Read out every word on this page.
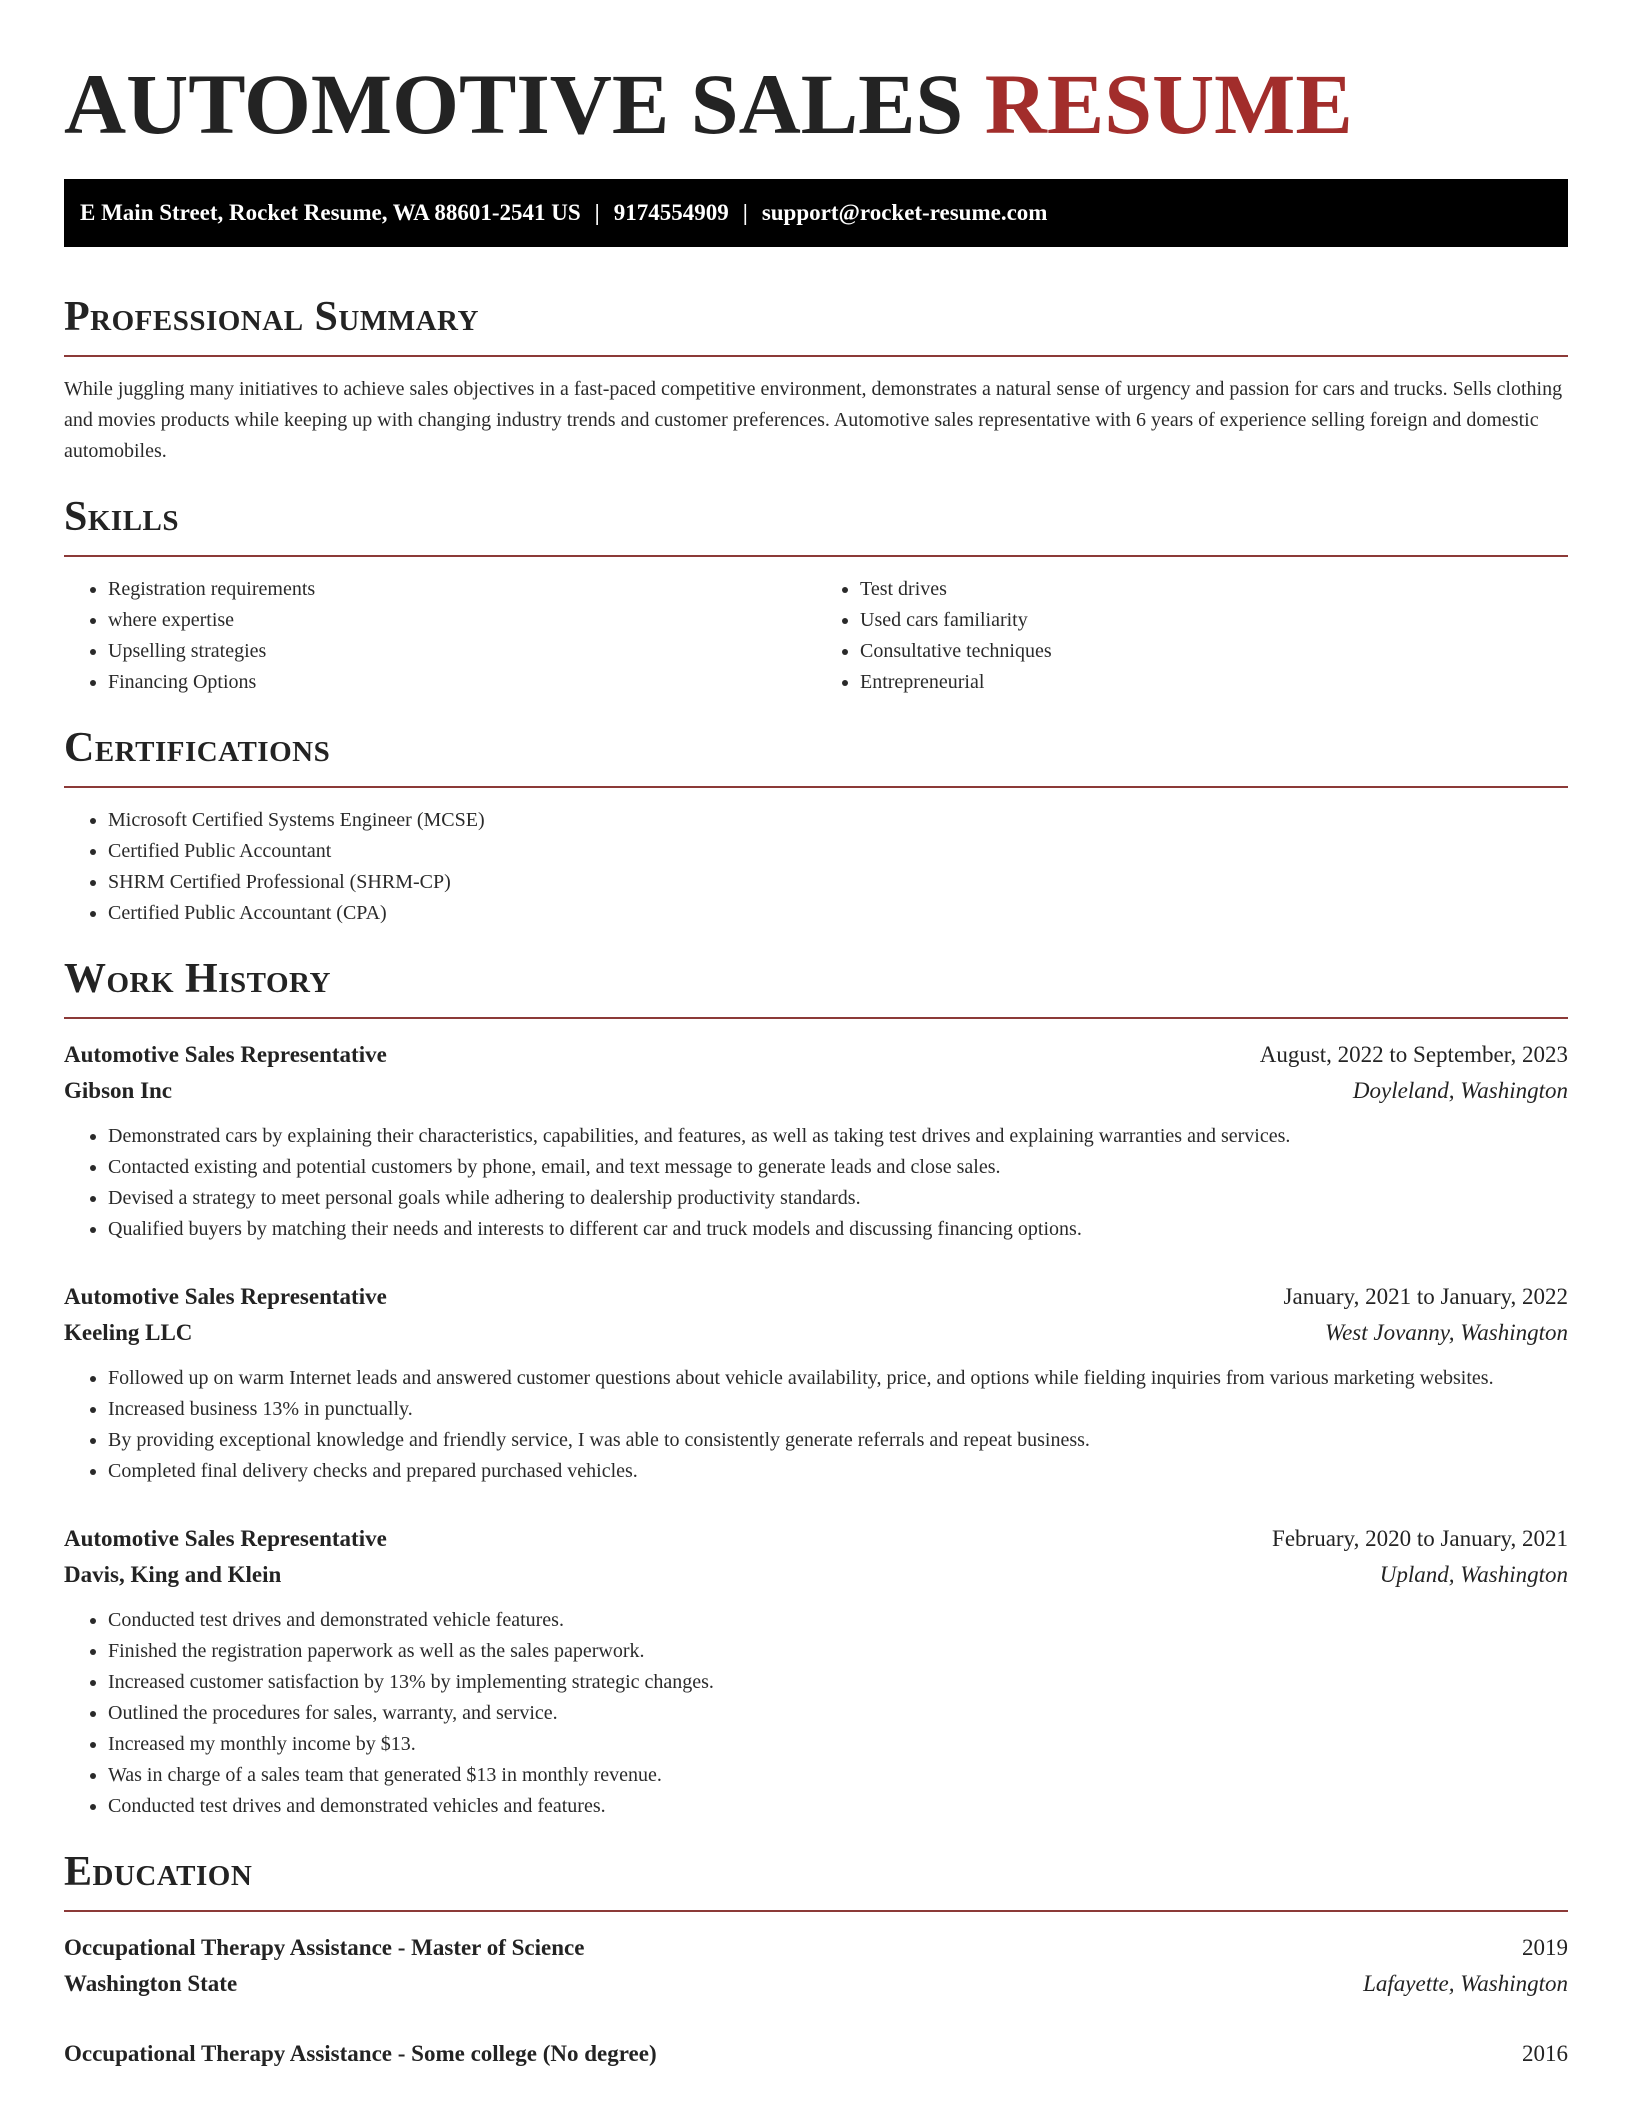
AUTOMOTIVE SALES RESUME
E Main Street, Rocket Resume, WA 88601-2541 US | 9174554909 | support@rocket-resume.com
Professional Summary

While juggling many initiatives to achieve sales objectives in a fast-paced competitive environment, demonstrates a natural sense of urgency and passion for cars and trucks. Sells clothing and movies products while keeping up with changing industry trends and customer preferences. Automotive sales representative with 6 years of experience selling foreign and domestic automobiles.

Skills
• Registration requirements
• where expertise
• Upselling strategies
• Financing Options
• Test drives
• Used cars familiarity
• Consultative techniques
• Entrepreneurial
Certifications
• Microsoft Certified Systems Engineer (MCSE)
• Certified Public Accountant
• SHRM Certified Professional (SHRM-CP)
• Certified Public Accountant (CPA)
Work History
Automotive Sales Representative	August, 2022 to September, 2023
Gibson Inc	Doyleland, Washington
• Demonstrated cars by explaining their characteristics, capabilities, and features, as well as taking test drives and explaining warranties and services.
• Contacted existing and potential customers by phone, email, and text message to generate leads and close sales.
• Devised a strategy to meet personal goals while adhering to dealership productivity standards.
• Qualified buyers by matching their needs and interests to different car and truck models and discussing financing options.
Automotive Sales Representative	January, 2021 to January, 2022
Keeling LLC	West Jovanny, Washington
• Followed up on warm Internet leads and answered customer questions about vehicle availability, price, and options while fielding inquiries from various marketing websites.
• Increased business 13% in punctually.
• By providing exceptional knowledge and friendly service, I was able to consistently generate referrals and repeat business.
• Completed final delivery checks and prepared purchased vehicles.
Automotive Sales Representative	February, 2020 to January, 2021
Davis, King and Klein	Upland, Washington
• Conducted test drives and demonstrated vehicle features.
• Finished the registration paperwork as well as the sales paperwork.
• Increased customer satisfaction by 13% by implementing strategic changes.
• Outlined the procedures for sales, warranty, and service.
• Increased my monthly income by $13.
• Was in charge of a sales team that generated $13 in monthly revenue.
• Conducted test drives and demonstrated vehicles and features.
Education
Occupational Therapy Assistance - Master of Science	2019
Washington State	Lafayette, Washington
Occupational Therapy Assistance - Some college (No degree)	2016
